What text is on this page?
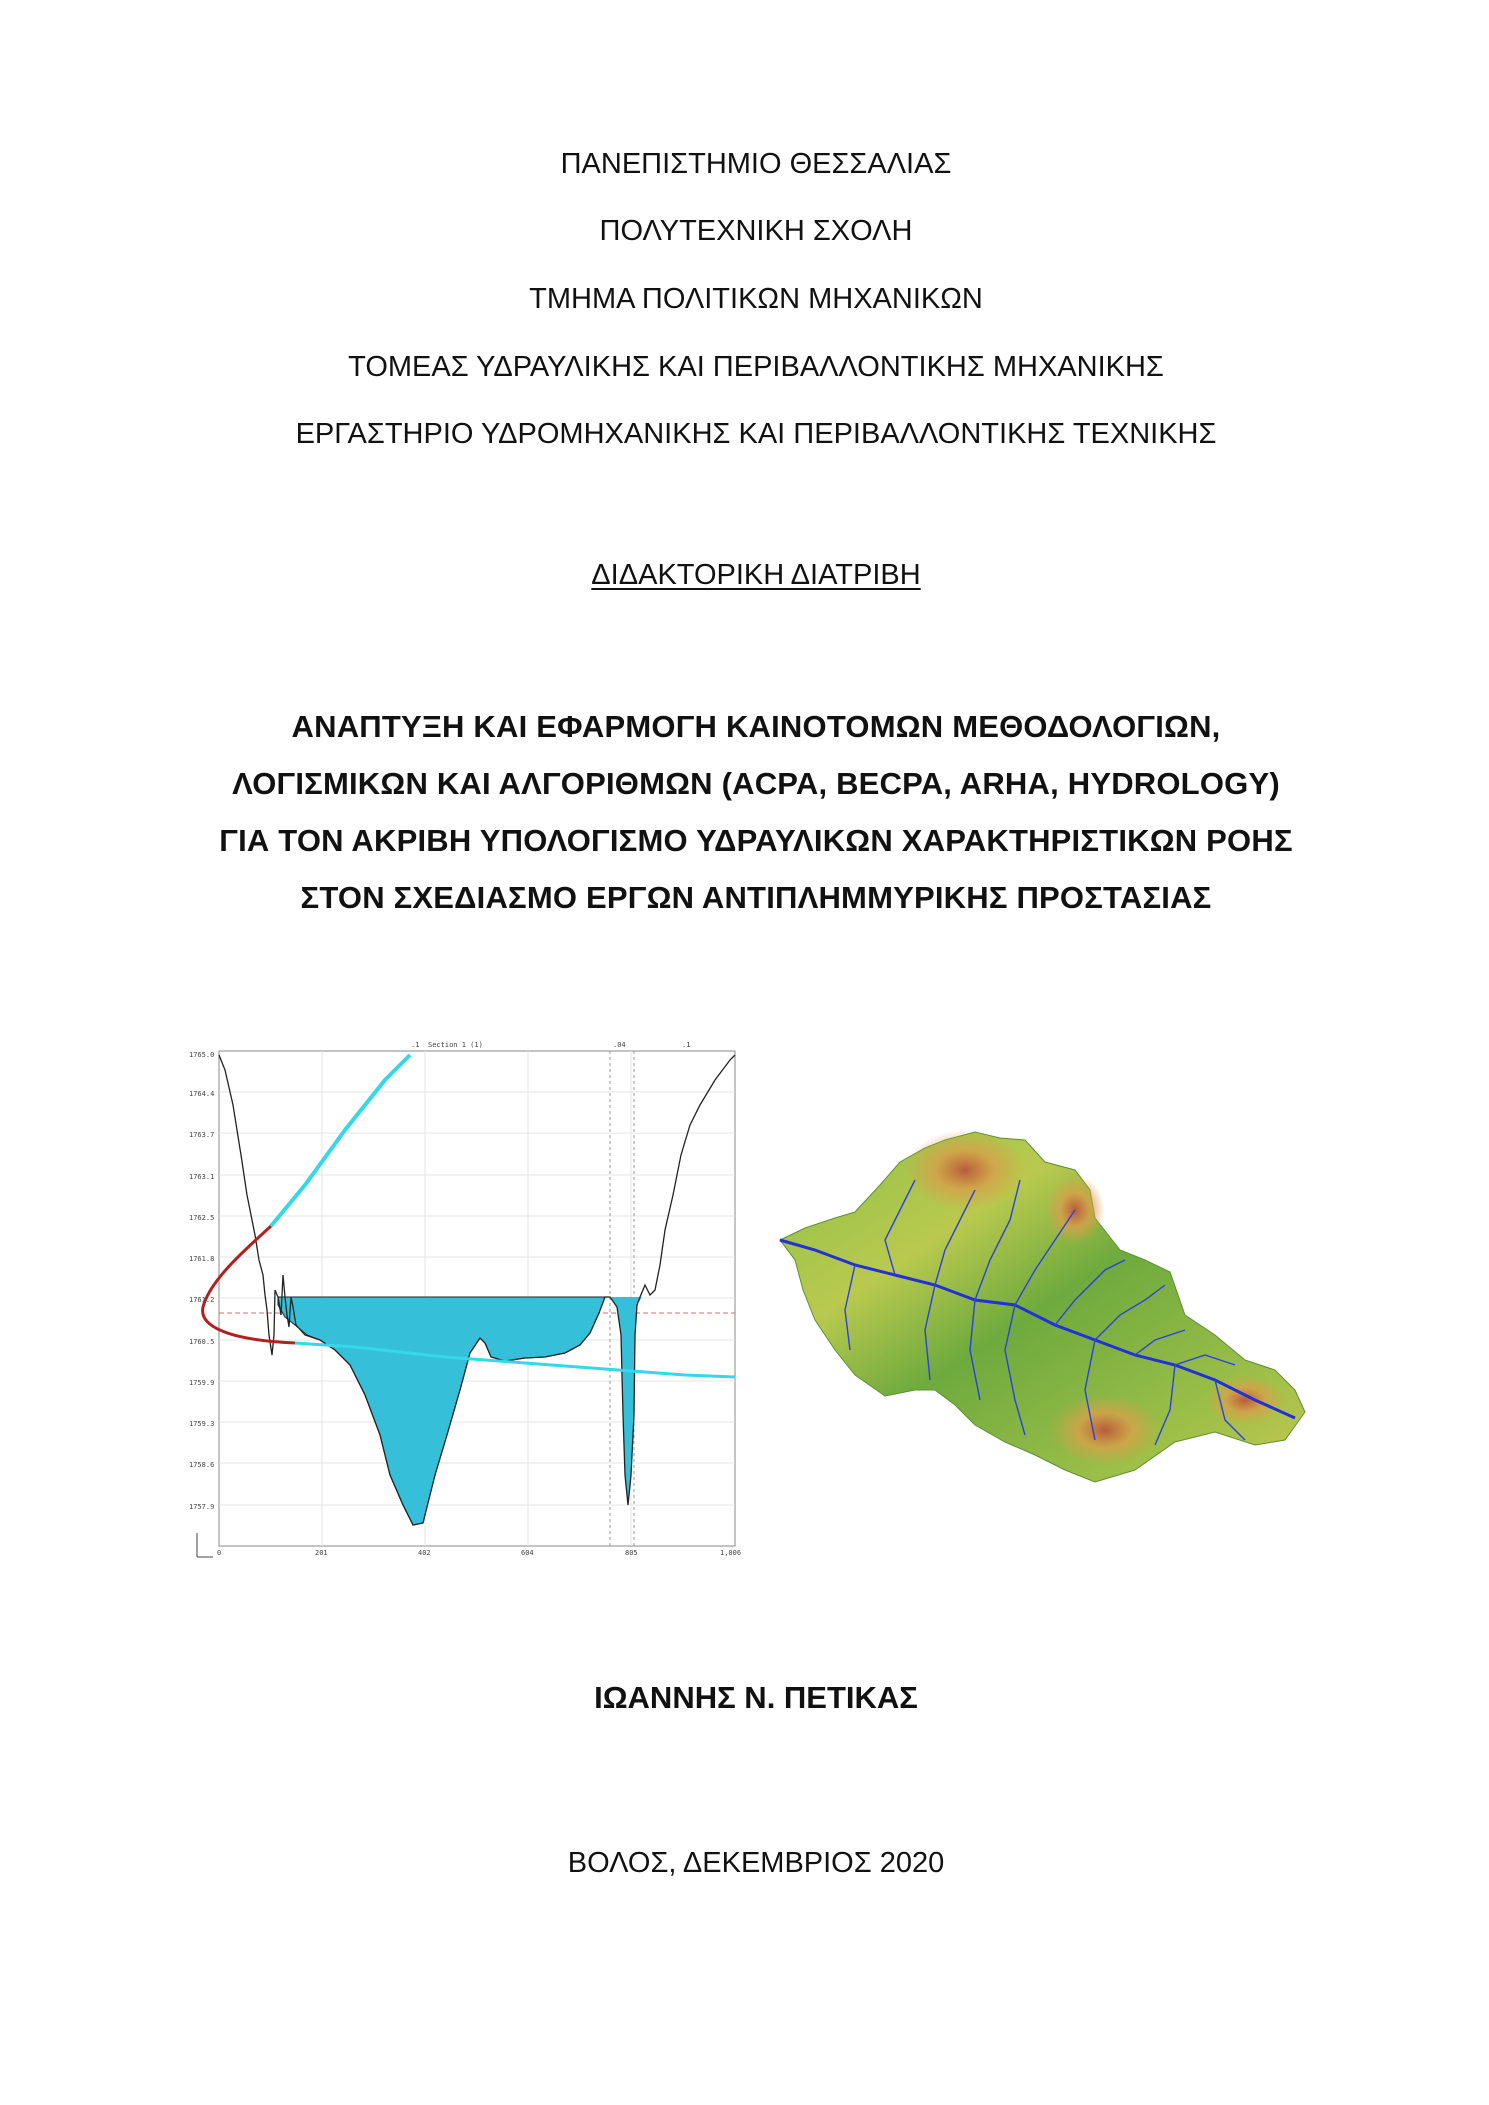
ΠΑΝΕΠΙΣΤΗΜΙΟ ΘΕΣΣΑΛΙΑΣ
ΠΟΛΥΤΕΧΝΙΚΗ ΣΧΟΛΗ
ΤΜΗΜΑ ΠΟΛΙΤΙΚΩΝ ΜΗΧΑΝΙΚΩΝ
ΤΟΜΕΑΣ ΥΔΡΑΥΛΙΚΗΣ ΚΑΙ ΠΕΡΙΒΑΛΛΟΝΤΙΚΗΣ ΜΗΧΑΝΙΚΗΣ
ΕΡΓΑΣΤΗΡΙΟ ΥΔΡΟΜΗΧΑΝΙΚΗΣ ΚΑΙ ΠΕΡΙΒΑΛΛΟΝΤΙΚΗΣ ΤΕΧΝΙΚΗΣ
ΔΙΔΑΚΤΟΡΙΚΗ ΔΙΑΤΡΙΒΗ
ΑΝΑΠΤΥΞΗ ΚΑΙ ΕΦΑΡΜΟΓΗ ΚΑΙΝΟΤΟΜΩΝ ΜΕΘΟΔΟΛΟΓΙΩΝ,
ΛΟΓΙΣΜΙΚΩΝ ΚΑΙ ΑΛΓΟΡΙΘΜΩΝ (ACPA, BECPA, ARHA, HYDROLOGY)
ΓΙΑ ΤΟΝ ΑΚΡΙΒΗ ΥΠΟΛΟΓΙΣΜΟ ΥΔΡΑΥΛΙΚΩΝ ΧΑΡΑΚΤΗΡΙΣΤΙΚΩΝ ΡΟΗΣ
ΣΤΟΝ ΣΧΕΔΙΑΣΜΟ ΕΡΓΩΝ ΑΝΤΙΠΛΗΜΜΥΡΙΚΗΣ ΠΡΟΣΤΑΣΙΑΣ
1765.0
1764.4
1763.7
1763.1
1762.5
1761.8
1761.2
1760.5
1759.9
1759.3
1758.6
1757.9
0	201	402	604	805	1,006
Section 1 (1)
.1	.04	.1
ΙΩΑΝΝΗΣ Ν. ΠΕΤΙΚΑΣ
ΒΟΛΟΣ, ΔΕΚΕΜΒΡΙΟΣ 2020
